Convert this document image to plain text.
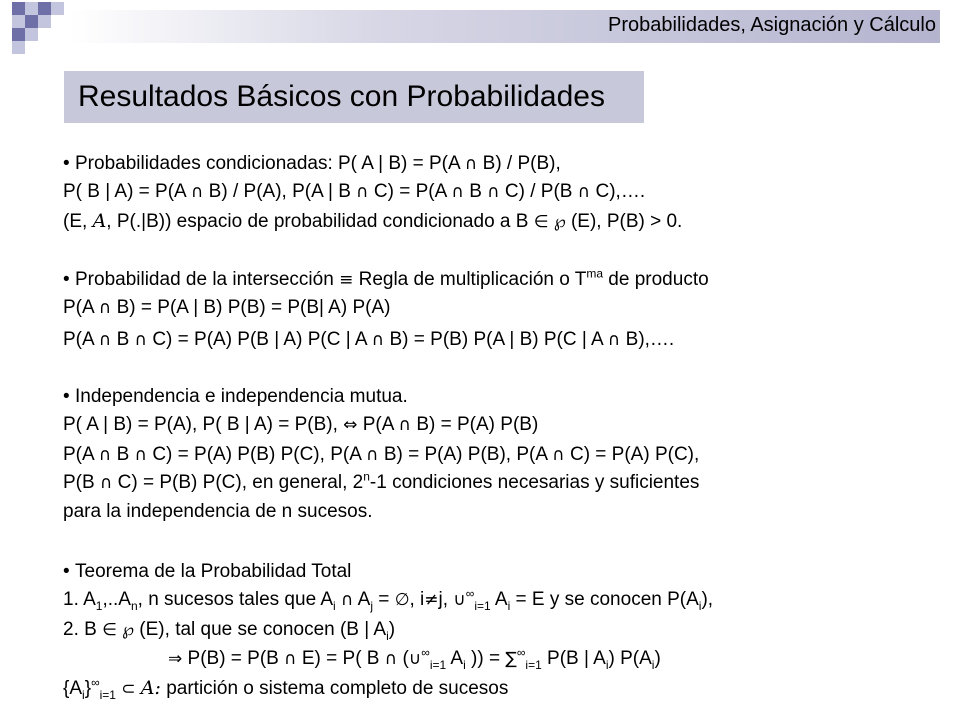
Probabilidades, Asignación y Cálculo
Resultados Básicos con Probabilidades
• Probabilidades condicionadas: P( A | B) = P(A ∩ B) / P(B),
P( B | A) = P(A ∩ B) / P(A), P(A | B ∩ C) = P(A ∩ B ∩ C) / P(B ∩ C),….
(E, A, P(.|B)) espacio de probabilidad condicionado a B ∈ ℘ (E), P(B) > 0.
• Probabilidad de la intersección ≡ Regla de multiplicación o $T^{ma}$ de producto
P(A ∩ B) = P(A | B) P(B) = P(B| A) P(A)
P(A ∩ B ∩ C) = P(A) P(B | A) P(C | A ∩ B) = P(B) P(A | B) P(C | A ∩ B),….
• Independencia e independencia mutua.
P( A | B) = P(A), P( B | A) = P(B), ⇔ P(A ∩ B) = P(A) P(B)
P(A ∩ B ∩ C) = P(A) P(B) P(C), P(A ∩ B) = P(A) P(B), P(A ∩ C) = P(A) P(C),
P(B ∩ C) = P(B) P(C), en general, 2$^n$-1 condiciones necesarias y suficientes
para la independencia de n sucesos.
• Teorema de la Probabilidad Total
1. $A_1,..A_n$, n sucesos tales que $A_i$ ∩ $A_j$ = ∅, i≠j, $\cup^\infty_{i=1}$ $A_i = E$ y se conocen $P(A_i)$,
2. B ∈ ℘ (E), tal que se conocen (B | $A_i$)
⇒ P(B) = P(B ∩ E) = P( B ∩ ($\cup^\infty_{i=1}$ $A_i$ )) = $\sum^\infty_{i=1}$ P(B | $A_i$) $P(A_i)$
$\{A_i\}^\infty_{i=1}$ ⊂ A: partición o sistema completo de sucesos
